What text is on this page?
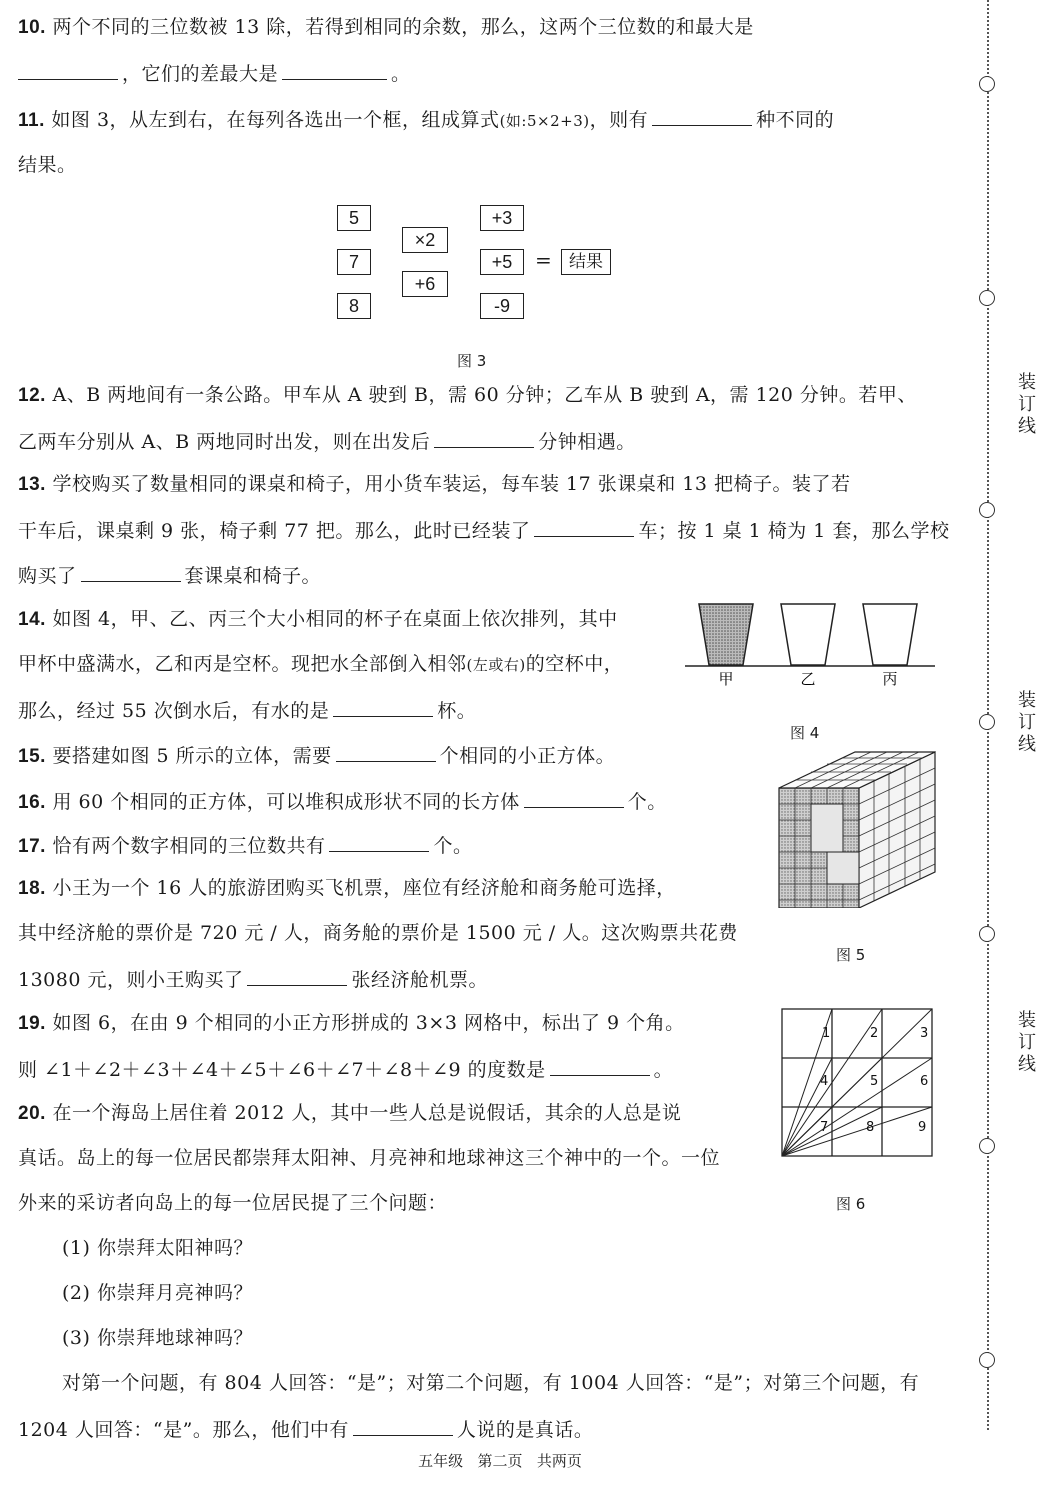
装订线
装订线
装订线
10. 两个不同的三位数被 13 除，若得到相同的余数，那么，这两个三位数的和最大是
，它们的差最大是	。
11. 如图 3，从左到右，在每列各选出一个框，组成算式(如:5×2+3)，则有	种不同的
结果。
5
7
8
×2
+6
+3
+5
-9
=	结果
图 3
12. A、B 两地间有一条公路。甲车从 A 驶到 B，需 60 分钟；乙车从 B 驶到 A，需 120 分钟。若甲、
乙两车分别从 A、B 两地同时出发，则在出发后	分钟相遇。
13. 学校购买了数量相同的课桌和椅子，用小货车装运，每车装 17 张课桌和 13 把椅子。装了若
干车后，课桌剩 9 张，椅子剩 77 把。那么，此时已经装了	车；按 1 桌 1 椅为 1 套，那么学校
购买了	套课桌和椅子。
14. 如图 4，甲、乙、丙三个大小相同的杯子在桌面上依次排列，其中
甲杯中盛满水，乙和丙是空杯。现把水全部倒入相邻(左或右)的空杯中，
那么，经过 55 次倒水后，有水的是	杯。
甲	乙	丙
图 4
15. 要搭建如图 5 所示的立体，需要	个相同的小正方体。
图 5
16. 用 60 个相同的正方体，可以堆积成形状不同的长方体	个。
17. 恰有两个数字相同的三位数共有	个。
18. 小王为一个 16 人的旅游团购买飞机票，座位有经济舱和商务舱可选择，
其中经济舱的票价是 720 元 / 人，商务舱的票价是 1500 元 / 人。这次购票共花费
13080 元，则小王购买了	张经济舱机票。
19. 如图 6，在由 9 个相同的小正方形拼成的 3×3 网格中，标出了 9 个角。
则 ∠1＋∠2＋∠3＋∠4＋∠5＋∠6＋∠7＋∠8＋∠9 的度数是	。
1	2	3
4	5	6
7	8	9
图 6
20. 在一个海岛上居住着 2012 人，其中一些人总是说假话，其余的人总是说
真话。岛上的每一位居民都崇拜太阳神、月亮神和地球神这三个神中的一个。一位
外来的采访者向岛上的每一位居民提了三个问题：
(1) 你崇拜太阳神吗？
(2) 你崇拜月亮神吗？
(3) 你崇拜地球神吗？
对第一个问题，有 804 人回答：“是”；对第二个问题，有 1004 人回答：“是”；对第三个问题，有
1204 人回答：“是”。那么，他们中有	人说的是真话。
五年级 第二页 共两页
